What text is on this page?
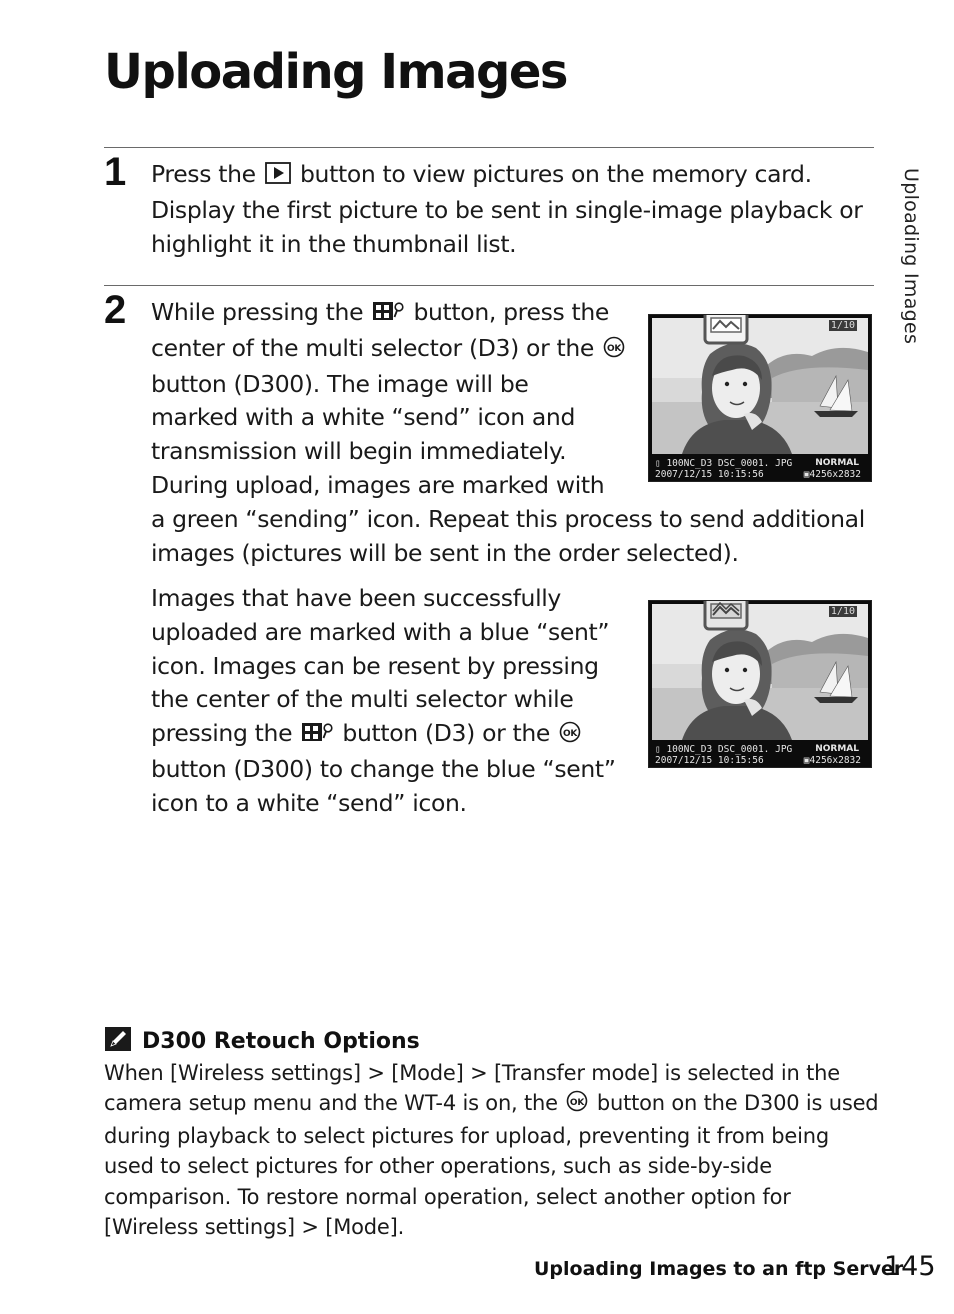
Uploading Images
Uploading Images
1 Press the  button to view pictures on the memory card.
Display the first picture to be sent in single-image playback or
highlight it in the thumbnail list.
2 While pressing the  button, press the
center of the multi selector (D3) or the OK
button (D300). The image will be
marked with a white “send” icon and
transmission will begin immediately.
During upload, images are marked with
a green “sending” icon. Repeat this process to send additional
images (pictures will be sent in the order selected).
Images that have been successfully
uploaded are marked with a blue “sent”
icon. Images can be resent by pressing
the center of the multi selector while
pressing the  button (D3) or the OK
button (D300) to change the blue “sent”
icon to a white “send” icon.
1/10
▯ 100NC_D3 DSC_0001. JPG	NORMAL
2007/12/15 10:15:56	▣4256x2832
1/10
▯ 100NC_D3 DSC_0001. JPG	NORMAL
2007/12/15 10:15:56	▣4256x2832
D300 Retouch Options
When [Wireless settings] > [Mode] > [Transfer mode] is selected in the
camera setup menu and the WT-4 is on, the OK button on the D300 is used
during playback to select pictures for upload, preventing it from being
used to select pictures for other operations, such as side-by-side
comparison. To restore normal operation, select another option for
[Wireless settings] > [Mode].
Uploading Images to an ftp Server
145
